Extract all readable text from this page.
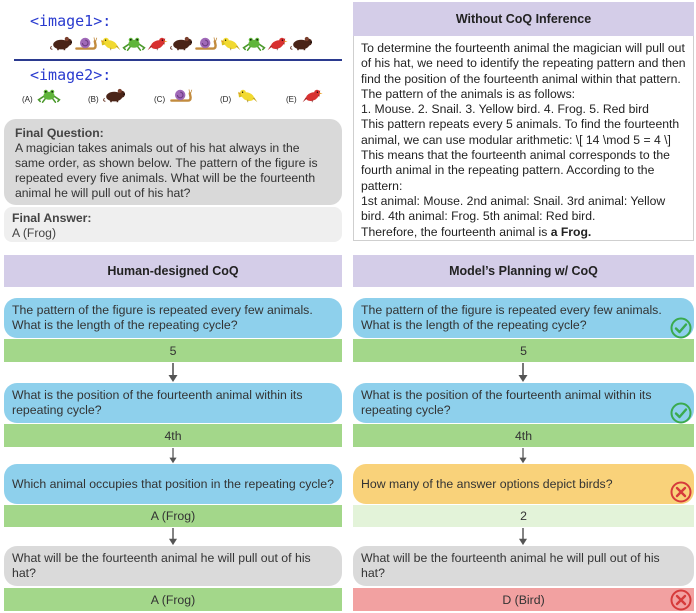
<image1>:
<image2>:
(A)	(B)	(C)	(D)	(E)
Final Question:
A magician takes animals out of his hat always in the same order, as shown below. The pattern of the figure is repeated every five animals. What will be the fourteenth animal he will pull out of his hat?
Final Answer:
A (Frog)
Without CoQ Inference

To determine the fourteenth animal the magician will pull out of his hat, we need to identify the repeating pattern and then find the position of the fourteenth animal within that pattern.

The pattern of the animals is as follows:

1. Mouse. 2. Snail. 3. Yellow bird. 4. Frog. 5. Red bird

This pattern repeats every 5 animals. To find the fourteenth animal, we can use modular arithmetic: \[ 14 \mod 5 = 4 \]

This means that the fourteenth animal corresponds to the fourth animal in the repeating pattern. According to the pattern:

1st animal: Mouse. 2nd animal: Snail. 3rd animal: Yellow bird. 4th animal: Frog. 5th animal: Red bird.

Therefore, the fourteenth animal is a Frog.

Human-designed CoQ
The pattern of the figure is repeated every few animals. What is the length of the repeating cycle?
5
What is the position of the fourteenth animal within its repeating cycle?
4th
Which animal occupies that position in the repeating cycle?
A (Frog)
What will be the fourteenth animal he will pull out of his hat?
A (Frog)
Model’s Planning w/ CoQ
The pattern of the figure is repeated every few animals. What is the length of the repeating cycle?
5
What is the position of the fourteenth animal within its repeating cycle?
4th
How many of the answer options depict birds?
2
What will be the fourteenth animal he will pull out of his hat?
D (Bird)
